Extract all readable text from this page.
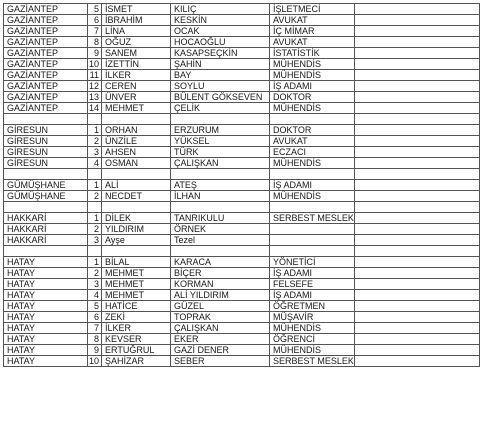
GAZİANTEP	5	İSMET	KILIÇ	İŞLETMECİ	
GAZİANTEP	6	İBRAHİM	KESKİN	AVUKAT	
GAZİANTEP	7	LİNA	OCAK	İÇ MİMAR	
GAZİANTEP	8	OĞUZ	HOCAOĞLU	AVUKAT	
GAZİANTEP	9	SANEM	KASAPSEÇKİN	İSTATİSTİK	
GAZİANTEP	10	İZETTİN	ŞAHİN	MÜHENDİS	
GAZİANTEP	11	İLKER	BAY	MÜHENDİS	
GAZİANTEP	12	CEREN	SOYLU	İŞ ADAMI	
GAZİANTEP	13	ÜNVER	BÜLENT GÖKSEVEN	DOKTOR	
GAZİANTEP	14	MEHMET	ÇELİK	MÜHENDİS	

GİRESUN	1	ORHAN	ERZURUM	DOKTOR	
GİRESUN	2	ÜNZİLE	YÜKSEL	AVUKAT	
GİRESUN	3	AHSEN	TÜRK	ECZACI	
GİRESUN	4	OSMAN	ÇALIŞKAN	MÜHENDİS	

GÜMÜŞHANE	1	ALİ	ATEŞ	İŞ ADAMI	
GÜMÜŞHANE	2	NECDET	İLHAN	MÜHENDİS	

HAKKARİ	1	DİLEK	TANRIKULU	SERBEST MESLEK	
HAKKARİ	2	YILDIRIM	ÖRNEK		
HAKKARİ	3	Ayşe	Tezel		

HATAY	1	BİLAL	KARACA	YÖNETİCİ	
HATAY	2	MEHMET	BİÇER	İŞ ADAMI	
HATAY	3	MEHMET	KORMAN	FELSEFE	
HATAY	4	MEHMET	ALİ YILDIRIM	İŞ ADAMI	
HATAY	5	HATİCE	GÜZEL	ÖĞRETMEN	
HATAY	6	ZEKİ	TOPRAK	MÜŞAVİR	
HATAY	7	İLKER	ÇALIŞKAN	MÜHENDİS	
HATAY	8	KEVSER	EKER	ÖĞRENCİ	
HATAY	9	ERTUĞRUL	GAZİ DENER	MÜHENDİS	
HATAY	10	ŞAHİZAR	SEBER	SERBEST MESLEK	
